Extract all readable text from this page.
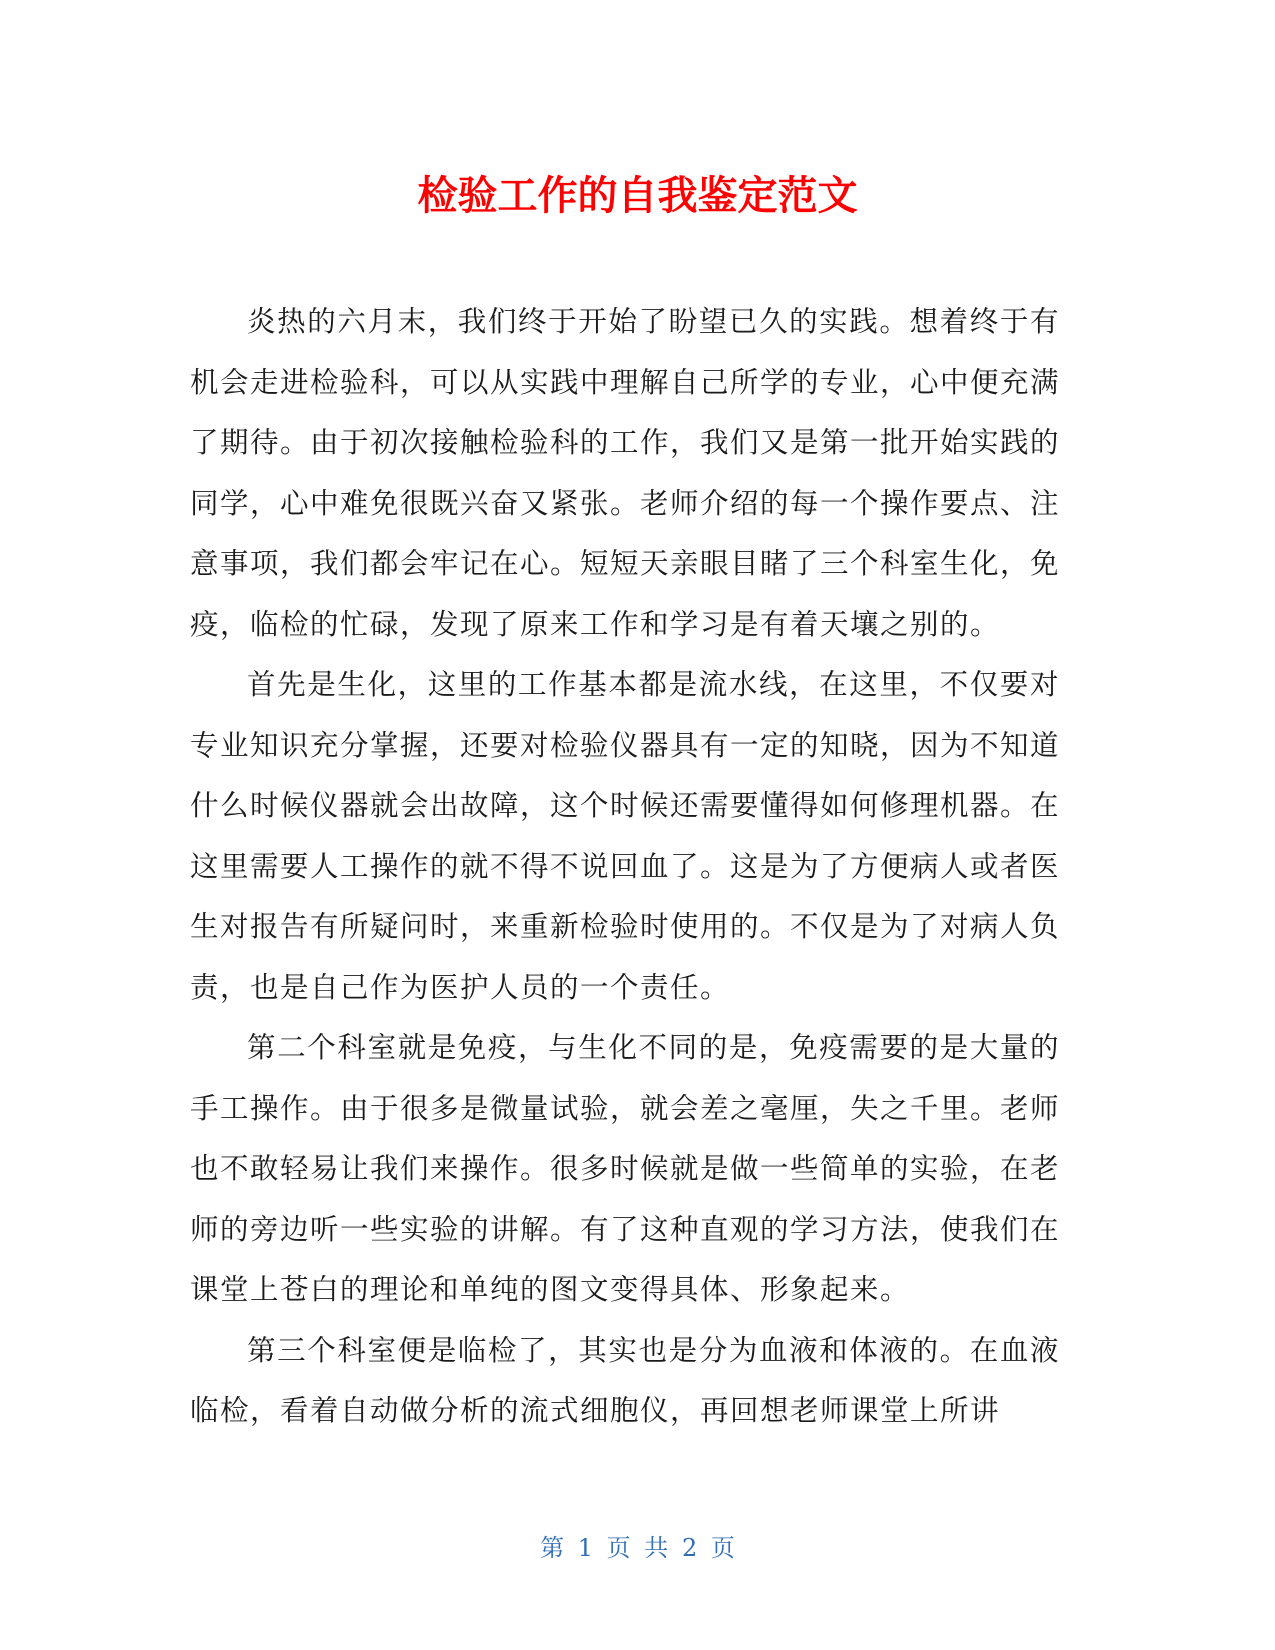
检验工作的自我鉴定范文

炎热的六月末，我们终于开始了盼望已久的实践。想着终于有机会走进检验科，可以从实践中理解自己所学的专业，心中便充满了期待。由于初次接触检验科的工作，我们又是第一批开始实践的同学，心中难免很既兴奋又紧张。老师介绍的每一个操作要点、注意事项，我们都会牢记在心。短短天亲眼目睹了三个科室生化，免疫，临检的忙碌，发现了原来工作和学习是有着天壤之别的。

首先是生化，这里的工作基本都是流水线，在这里，不仅要对专业知识充分掌握，还要对检验仪器具有一定的知晓，因为不知道什么时候仪器就会出故障，这个时候还需要懂得如何修理机器。在这里需要人工操作的就不得不说回血了。这是为了方便病人或者医生对报告有所疑问时，来重新检验时使用的。不仅是为了对病人负责，也是自己作为医护人员的一个责任。

第二个科室就是免疫，与生化不同的是，免疫需要的是大量的手工操作。由于很多是微量试验，就会差之毫厘，失之千里。老师也不敢轻易让我们来操作。很多时候就是做一些简单的实验，在老师的旁边听一些实验的讲解。有了这种直观的学习方法，使我们在课堂上苍白的理论和单纯的图文变得具体、形象起来。

第三个科室便是临检了，其实也是分为血液和体液的。在血液临检，看着自动做分析的流式细胞仪，再回想老师课堂上所讲

第 1 页 共 2 页
